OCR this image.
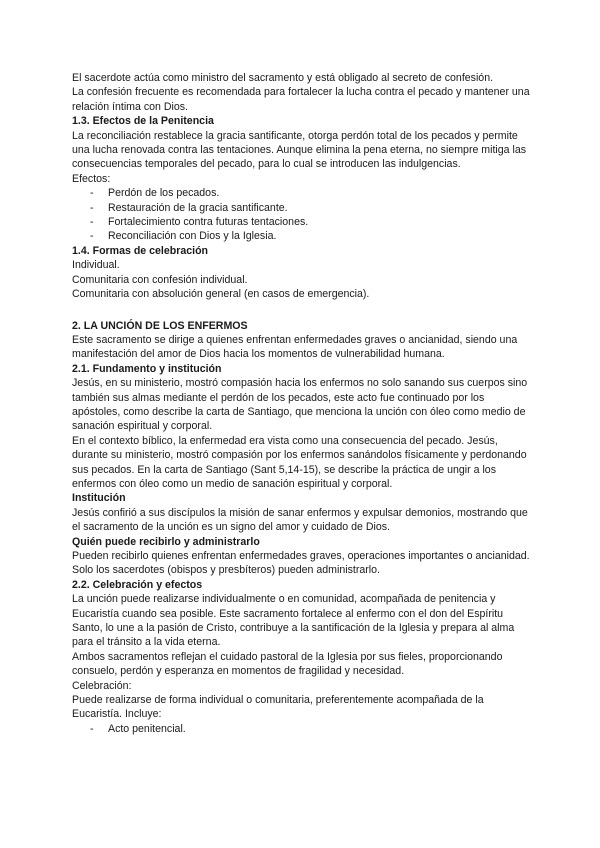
El sacerdote actúa como ministro del sacramento y está obligado al secreto de confesión.

La confesión frecuente es recomendada para fortalecer la lucha contra el pecado y mantener una relación íntima con Dios.

1.3. Efectos de la Penitencia

La reconciliación restablece la gracia santificante, otorga perdón total de los pecados y permite una lucha renovada contra las tentaciones. Aunque elimina la pena eterna, no siempre mitiga las consecuencias temporales del pecado, para lo cual se introducen las indulgencias.

Efectos:

- Perdón de los pecados.
- Restauración de la gracia santificante.
- Fortalecimiento contra futuras tentaciones.
- Reconciliación con Dios y la Iglesia.

1.4. Formas de celebración

Individual.

Comunitaria con confesión individual.

Comunitaria con absolución general (en casos de emergencia).

2. LA UNCIÓN DE LOS ENFERMOS

Este sacramento se dirige a quienes enfrentan enfermedades graves o ancianidad, siendo una manifestación del amor de Dios hacia los momentos de vulnerabilidad humana.

2.1. Fundamento y institución

Jesús, en su ministerio, mostró compasión hacia los enfermos no solo sanando sus cuerpos sino también sus almas mediante el perdón de los pecados, este acto fue continuado por los apóstoles, como describe la carta de Santiago, que menciona la unción con óleo como medio de sanación espiritual y corporal.

En el contexto bíblico, la enfermedad era vista como una consecuencia del pecado. Jesús, durante su ministerio, mostró compasión por los enfermos sanándolos físicamente y perdonando sus pecados. En la carta de Santiago (Sant 5,14-15), se describe la práctica de ungir a los enfermos con óleo como un medio de sanación espiritual y corporal.

Institución

Jesús confirió a sus discípulos la misión de sanar enfermos y expulsar demonios, mostrando que el sacramento de la unción es un signo del amor y cuidado de Dios.

Quién puede recibirlo y administrarlo

Pueden recibirlo quienes enfrentan enfermedades graves, operaciones importantes o ancianidad.

Solo los sacerdotes (obispos y presbíteros) pueden administrarlo.

2.2. Celebración y efectos

La unción puede realizarse individualmente o en comunidad, acompañada de penitencia y Eucaristía cuando sea posible. Este sacramento fortalece al enfermo con el don del Espíritu Santo, lo une a la pasión de Cristo, contribuye a la santificación de la Iglesia y prepara al alma para el tránsito a la vida eterna.

Ambos sacramentos reflejan el cuidado pastoral de la Iglesia por sus fieles, proporcionando consuelo, perdón y esperanza en momentos de fragilidad y necesidad.

Celebración:

Puede realizarse de forma individual o comunitaria, preferentemente acompañada de la Eucaristía. Incluye:

- Acto penitencial.
